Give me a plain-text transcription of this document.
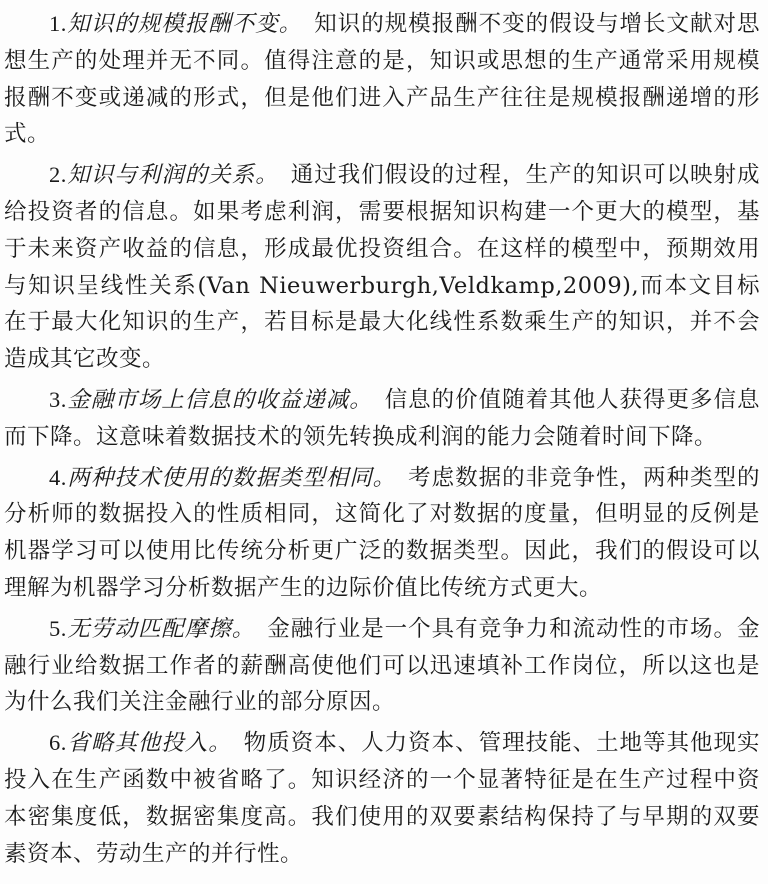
1.知识的规模报酬不变。 知识的规模报酬不变的假设与增长文献对思想生产的处理并无不同。值得注意的是，知识或思想的生产通常采用规模报酬不变或递减的形式，但是他们进入产品生产往往是规模报酬递增的形式。

2.知识与利润的关系。 通过我们假设的过程，生产的知识可以映射成给投资者的信息。如果考虑利润，需要根据知识构建一个更大的模型，基于未来资产收益的信息，形成最优投资组合。在这样的模型中，预期效用与知识呈线性关系(Van Nieuwerburgh,Veldkamp,2009),而本文目标在于最大化知识的生产，若目标是最大化线性系数乘生产的知识，并不会造成其它改变。

3.金融市场上信息的收益递减。 信息的价值随着其他人获得更多信息而下降。这意味着数据技术的领先转换成利润的能力会随着时间下降。

4.两种技术使用的数据类型相同。 考虑数据的非竞争性，两种类型的分析师的数据投入的性质相同，这简化了对数据的度量，但明显的反例是机器学习可以使用比传统分析更广泛的数据类型。因此，我们的假设可以理解为机器学习分析数据产生的边际价值比传统方式更大。

5.无劳动匹配摩擦。 金融行业是一个具有竞争力和流动性的市场。金融行业给数据工作者的薪酬高使他们可以迅速填补工作岗位，所以这也是为什么我们关注金融行业的部分原因。

6.省略其他投入。 物质资本、人力资本、管理技能、土地等其他现实投入在生产函数中被省略了。知识经济的一个显著特征是在生产过程中资本密集度低，数据密集度高。我们使用的双要素结构保持了与早期的双要素资本、劳动生产的并行性。
